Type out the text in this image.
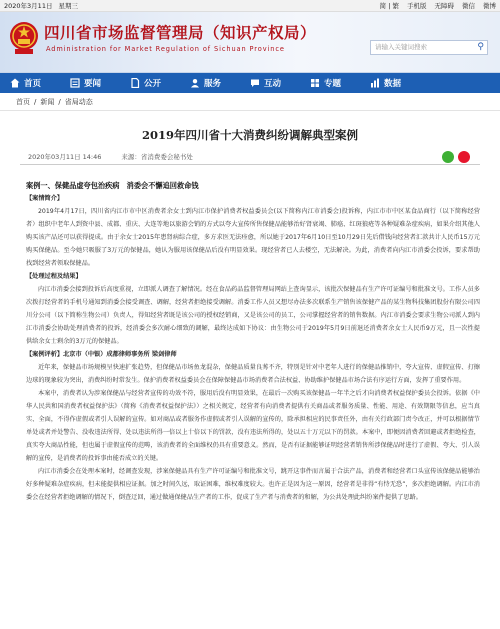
2020年3月11日 星期三	简 | 繁 手机版 无障碍 微信 微博
四川省市场监督管理局（知识产权局）
Administration for Market Regulation of Sichuan Province	请输入关键词搜索	⚲
首页	要闻	公开	服务	互动	专题	数据
首页 / 新闻 / 省局动态
2019年四川省十大消费纠纷调解典型案例
2020年03月11日 14:46	来源：省消费委会秘书处
案例一、保健品虚夸包治疾病　消委会不懈追回救命钱
【案情简介】

2019年4月17日，四川省内江市市中区消费者余女士到内江市保护消费者权益委员会(以下简称内江市消委会)投诉称，内江市市中区某食品商行（以下简称经营者）组织中老年人到资中县、成都、重庆、大连等地以旅游会销的方式以夸大宣传所售保健品能够治好肾衰竭、肺癌、红斑狼疮等各种疑难杂症疾病，如果介绍其他人购买该产品还可以获得提成。由于余女士2015年患肾病综合症，多方求医无法痊愈，所以她于2017年6月10日至10月29日先后借钱向经营者汇款共计人民币15万元购买保健品。至今她只吸服了3万元的保健品，她认为服用该保健品后没有明显效果。现经营者已人去楼空，无法解决。为此，消费者向内江市消委会投诉，要求帮助找到经营者领取保健品。

【处理过程及结果】

内江市消委会接到投诉后高度重视，立即派人调查了解情况。经在食品药品监督管理局网站上查询显示，该批次保健品有生产许可证编号和批准文号。工作人员多次拨打经营者的手机号通知到消委会接受调查、调解，经营者拒绝接受调解。消委工作人员又想尽办法多次联系生产销售该保健产品的某生物科技集团股份有限公司四川分公司（以下简称生物公司）负责人，得知经营者既是该公司的授权经销商，又是该公司的员工，公司掌握经营者的销售数据。内江市消委会要求生物公司派人到内江市消委会协助处理消费者的投诉，经消委会多次耐心细致的调解，最终达成如下协议：由生物公司于2019年5月9日前退还消费者余女士人民币9万元，且一次性提供给余女士剩余的3万元的保健品。

【案例评析】北京市（中银）成都律师事务所 梁剑律师

近年来，保健品市场规模呈快速扩张趋势，但保健品市场鱼龙混杂，保健品质量良莠不齐，特别是针对中老年人进行的保健品推销中，夸大宣传、虚假宣传、打擦边球的现象较为突出，消费纠纷时常发生。保护消费者权益委员会在保障保健品市场消费者合法权益、协助维护保健品市场合法有序运行方面，发挥了重要作用。

本案中，消费者认为涉案保健品与经营者宣传的功效不符，服用后没有明显效果，在最后一次购买该保健品一年半之后才向消费者权益保护委员会投诉。依据《中华人民共和国消费者权益保护法》（简称《消费者权益保护法》）之相关规定，经营者有向消费者提供有关商品或者服务质量、性能、用途、有效期限等信息，应当真实、全面，不得作虚假或者引人误解的宣传。如对商品或者服务作虚假或者引人误解的宣传的，除承担相应的民事责任外，由有关行政部门责令改正，并可以根据情节单处或者并处警告、没收违法所得、处以违法所得一倍以上十倍以下的罚款，没有违法所得的，处以五十万元以下的罚款。本案中，即便因消费者回避或者拒绝检查，真实夸大商品性能，但也属于虚假宣传的范畴，该消费者的全面维权仍具有重要意义。然而，是否有证据能够证明经营者销售所涉保健品时进行了虚假、夸大、引人误解的宣传，是消费者的投诉事由能否成立的关键。

内江市消委会在处理本案时，经调查发现，涉案保健品具有生产许可证编号和批准文号，跳开这事件而言属于合法产品，消费者和经营者口头宣传该保健品能够治好多种疑难杂症疾病，但未能提供相应证据。加之时间久远，取证困难，维权难度较大。也许正是因为这一原因，经营者是非得“有恃无恐”，多次拒绝调解。内江市消委会在经营者拒绝调解的情况下，倒查迂回，通过做通保健品生产者的工作，促成了生产者与消费者的和解，为公共处理此纠纷案件提供了思路。
